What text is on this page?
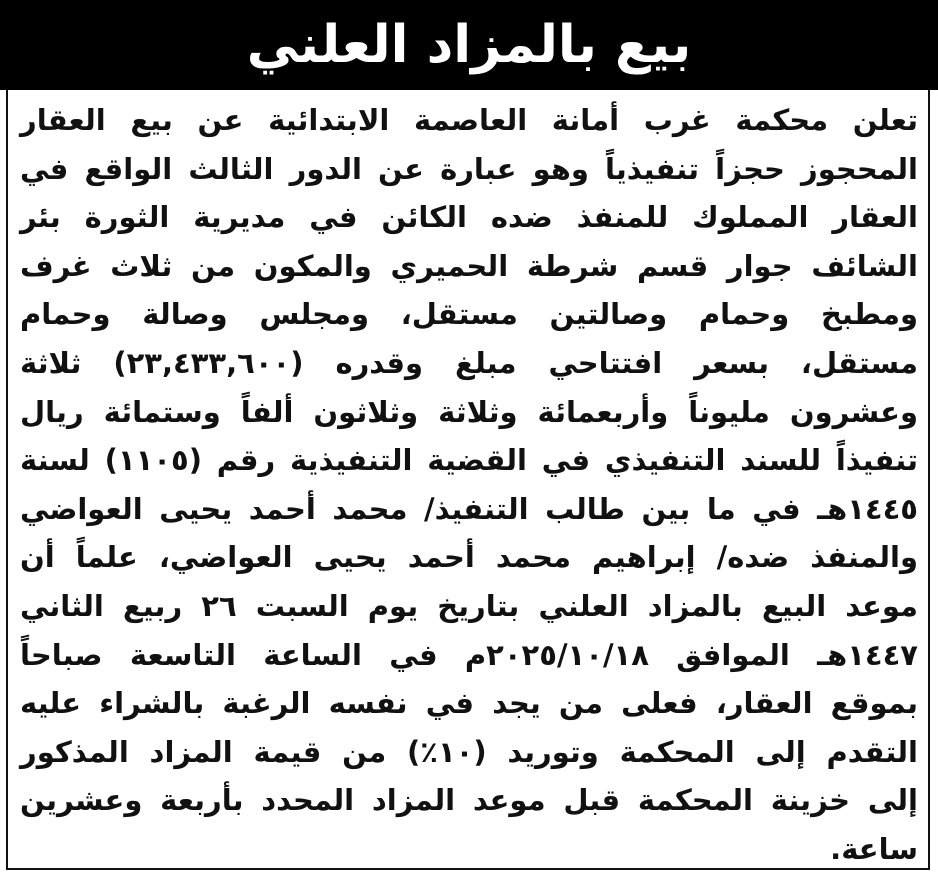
بيع بالمزاد العلني
تعلن محكمة غرب أمانة العاصمة الابتدائية عن بيع العقار
المحجوز حجزاً تنفيذياً وهو عبارة عن الدور الثالث الواقع في
العقار المملوك للمنفذ ضده الكائن في مديرية الثورة بئر
الشائف جوار قسم شرطة الحميري والمكون من ثلاث غرف
ومطبخ وحمام وصالتين مستقل، ومجلس وصالة وحمام
مستقل، بسعر افتتاحي مبلغ وقدره (٢٣,٤٣٣,٦٠٠) ثلاثة
وعشرون مليوناً وأربعمائة وثلاثة وثلاثون ألفاً وستمائة ريال
تنفيذاً للسند التنفيذي في القضية التنفيذية رقم (١١٠٥) لسنة
١٤٤٥هـ في ما بين طالب التنفيذ/ محمد أحمد يحيى العواضي
والمنفذ ضده/ إبراهيم محمد أحمد يحيى العواضي، علماً أن
موعد البيع بالمزاد العلني بتاريخ يوم السبت ٢٦ ربيع الثاني
١٤٤٧هـ الموافق ٢٠٢٥/١٠/١٨م في الساعة التاسعة صباحاً
بموقع العقار، فعلى من يجد في نفسه الرغبة بالشراء عليه
التقدم إلى المحكمة وتوريد (١٠٪) من قيمة المزاد المذكور
إلى خزينة المحكمة قبل موعد المزاد المحدد بأربعة وعشرين
ساعة.
